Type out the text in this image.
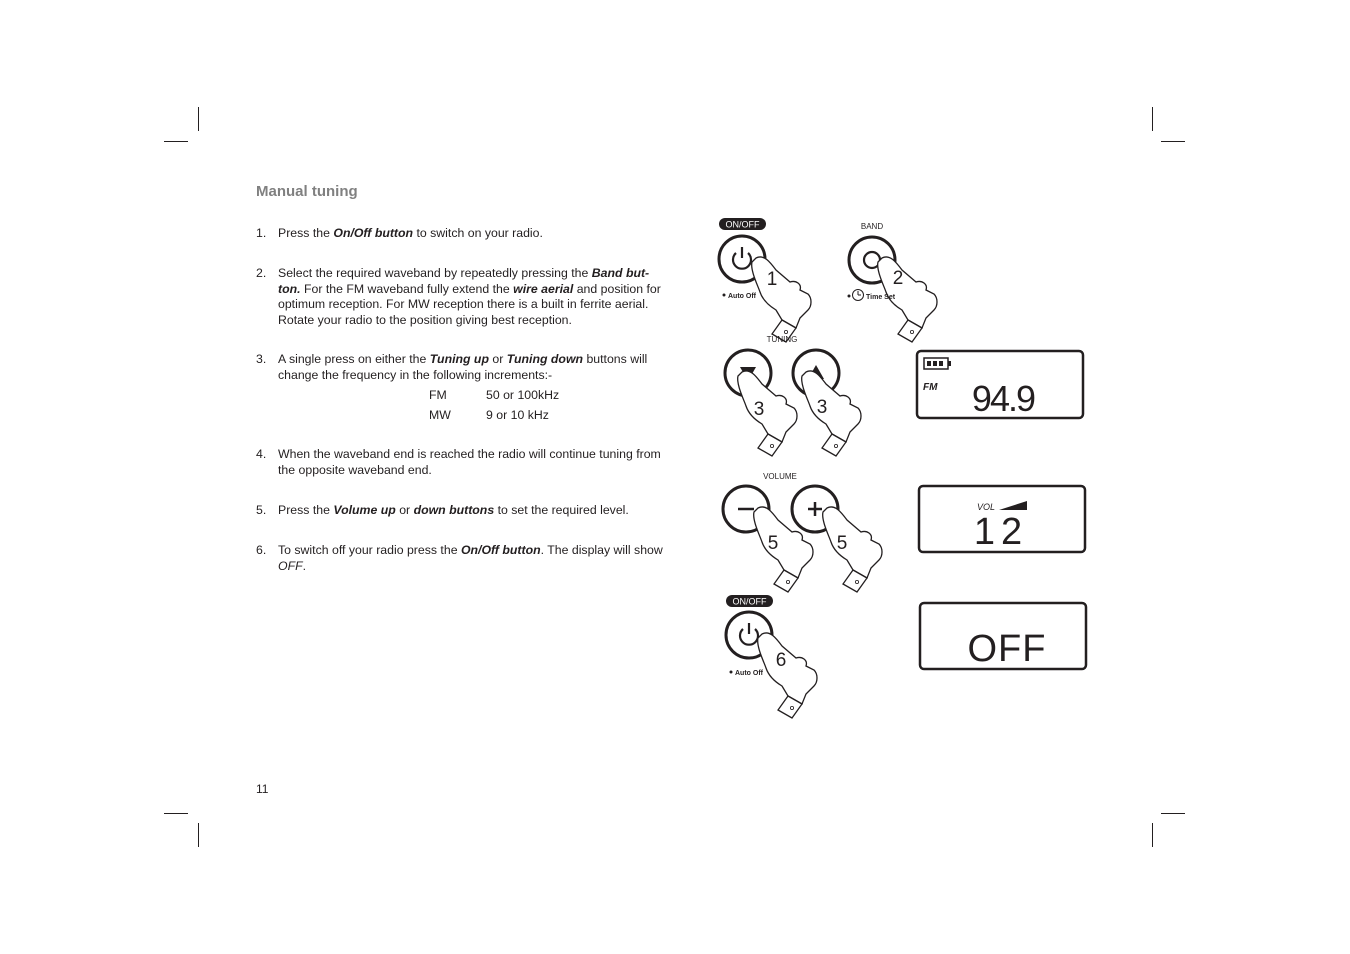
Manual tuning
1. Press the On/Off button to switch on your radio.
2. Select the required waveband by repeatedly pressing the Band but-ton. For the FM waveband fully extend the wire aerial and position for optimum reception. For MW reception there is a built in ferrite aerial. Rotate your radio to the position giving best reception.
3. A single press on either the Tuning up or Tuning down buttons will change the frequency in the following increments:-
FM	50 or 100kHz
MW	9 or 10 kHz
4. When the waveband end is reached the radio will continue tuning from the opposite waveband end.
5. Press the Volume up or down buttons to set the required level.
6. To switch off your radio press the On/Off button. The display will show OFF.
11
ON/OFF
1
Auto Off
BAND
2
Time Set
TUNING
3	3
FM 94.9
VOLUME
5	5
VOL
12
ON/OFF
6
Auto Off
OFF
